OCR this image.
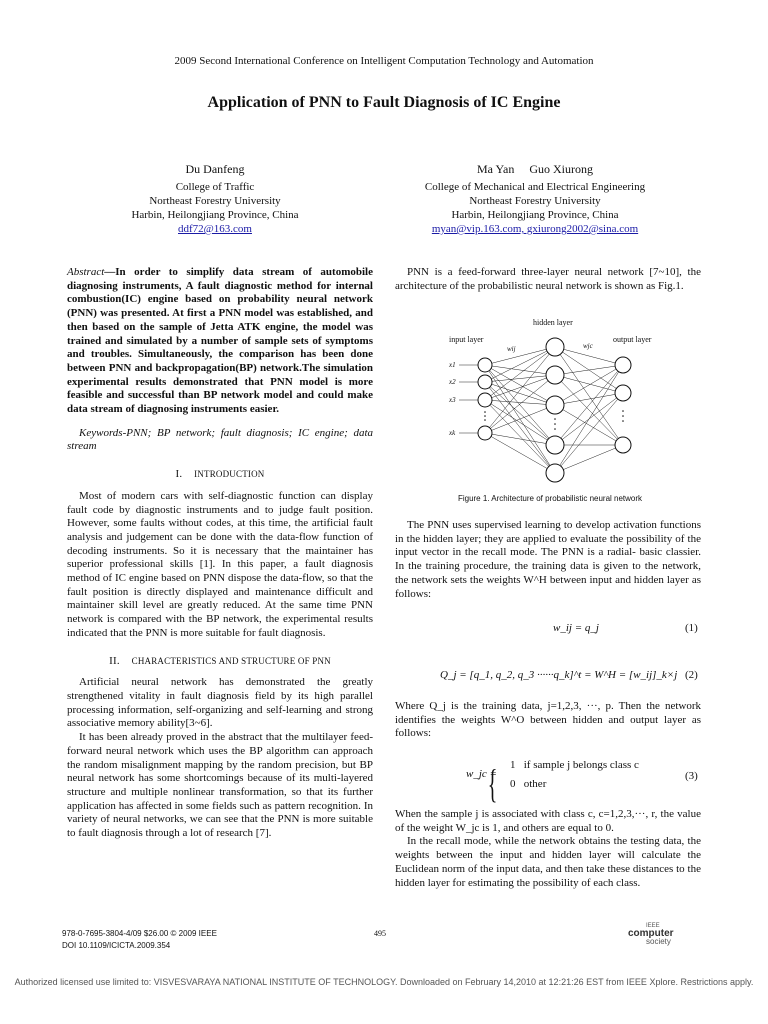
2009 Second International Conference on Intelligent Computation Technology and Automation
Application of PNN to Fault Diagnosis of IC Engine
Du Danfeng
College of Traffic
Northeast Forestry University
Harbin, Heilongjiang Province, China
ddf72@163.com
Ma Yan     Guo Xiurong
College of Mechanical and Electrical Engineering
Northeast Forestry University
Harbin, Heilongjiang Province, China
myan@vip.163.com, gxiurong2002@sina.com

Abstract—In order to simplify data stream of automobile diagnosing instruments, A fault diagnostic method for internal combustion(IC) engine based on probability neural network (PNN) was presented. At first a PNN model was established, and then based on the sample of Jetta ATK engine, the model was trained and simulated by a number of sample sets of symptoms and troubles. Simultaneously, the comparison has been done between PNN and backpropagation(BP) network.The simulation experimental results demonstrated that PNN model is more feasible and successful than BP network model and could make data stream of diagnosing instruments easier.

Keywords-PNN; BP network; fault diagnosis; IC engine; data stream
I. INTRODUCTION

Most of modern cars with self-diagnostic function can display fault code by diagnostic instruments and to judge fault position. However, some faults without codes, at this time, the artificial fault analysis and judgement can be done with the data-flow function of decoding instruments. So it is necessary that the maintainer has superior professional skills [1]. In this paper, a fault diagnosis method of IC engine based on PNN dispose the data-flow, so that the fault position is directly displayed and maintenance difficult and maintainer skill level are greatly reduced. At the same time PNN network is compared with the BP network, the experimental results indicated that the PNN is more suitable for fault diagnosis.

II. CHARACTERISTICS AND STRUCTURE OF PNN

Artificial neural network has demonstrated the greatly strengthened vitality in fault diagnosis field by its high parallel processing information, self-organizing and self-learning and strong associative memory ability[3~6].

It has been already proved in the abstract that the multilayer feed-forward neural network which uses the BP algorithm can approach the random misalignment mapping by the random precision, but BP neural network has some shortcomings because of its multi-layered structure and multiple nonlinear transformation, so that its further application has affected in some fields such as pattern recognition. In variety of neural networks, we can see that the PNN is more suitable to fault diagnosis through a lot of research [7].

PNN is a feed-forward three-layer neural network [7~10], the architecture of the probabilistic neural network is shown as Fig.1.

hidden layer
input layer	output layer
wij	wjc
x1
x2
x3
xk
Figure 1. Architecture of probabilistic neural network

The PNN uses supervised learning to develop activation functions in the hidden layer; they are applied to evaluate the possibility of the input vector in the recall mode. The PNN is a radial- basic classier. In the training procedure, the training data is given to the network, the network sets the weights W^H between input and hidden layer as follows:

w_ij = q_j	(1)
Q_j = [q_1, q_2, q_3 ······q_k]^t = W^H = [w_ij]_k×j (2)

Where Q_j is the training data, j=1,2,3, ···, p. Then the network identifies the weights W^O between hidden and output layer as follows:

w_jc =
{ 1 if sample j belongs class c
0 other
(3)

When the sample j is associated with class c, c=1,2,3,···, r, the value of the weight W_jc is 1, and others are equal to 0.

In the recall mode, while the network obtains the testing data, the weights between the input and hidden layer will calculate the Euclidean norm of the input data, and then take these distances to the hidden layer for estimating the possibility of each class.

978-0-7695-3804-4/09 $26.00 © 2009 IEEE
DOI 10.1109/ICICTA.2009.354
495
IEEE
computer
society
Authorized licensed use limited to: VISVESVARAYA NATIONAL INSTITUTE OF TECHNOLOGY. Downloaded on February 14,2010 at 12:21:26 EST from IEEE Xplore. Restrictions apply.
